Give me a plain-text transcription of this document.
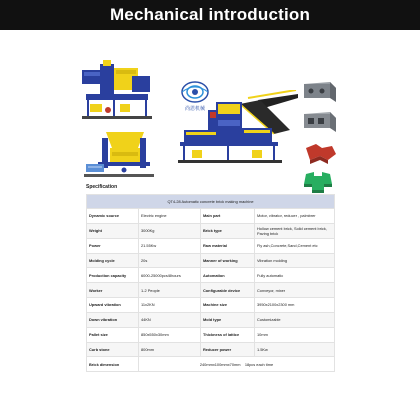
Mechanical introduction
尚恩机械
Specification
QT4-28 Automatic concrete brick making machine			
Dynamic source	Electric engine	Main part	Motor, vibrator, reducer , palmbrer
Weight	3000Kg	Brick type	Hollow cement brick, Solid cement brick, Paving brick
Power	21.55Kw	Raw material	Fly ash,Concrete,Sand,Cement etc
Molding cycle	20s	Manner of working	Vibration molding
Production capacity	6000-25000pcs/8hours	Automation	Fully automatic
Worker	1-2 People	Configurable device	Conveyor, mixer
Upward vibration	11x2KN	Machine size	3950x2100x2300 mm
Down vibration	44KN	Mold type	Customizable
Pallet size	850x550x30mm	Thickness of lattice	10mm
Curb stone	800mm	Reducer power	1.5Kw
Brick dimension	240mmx100mmx70mm    18pcs each time		
